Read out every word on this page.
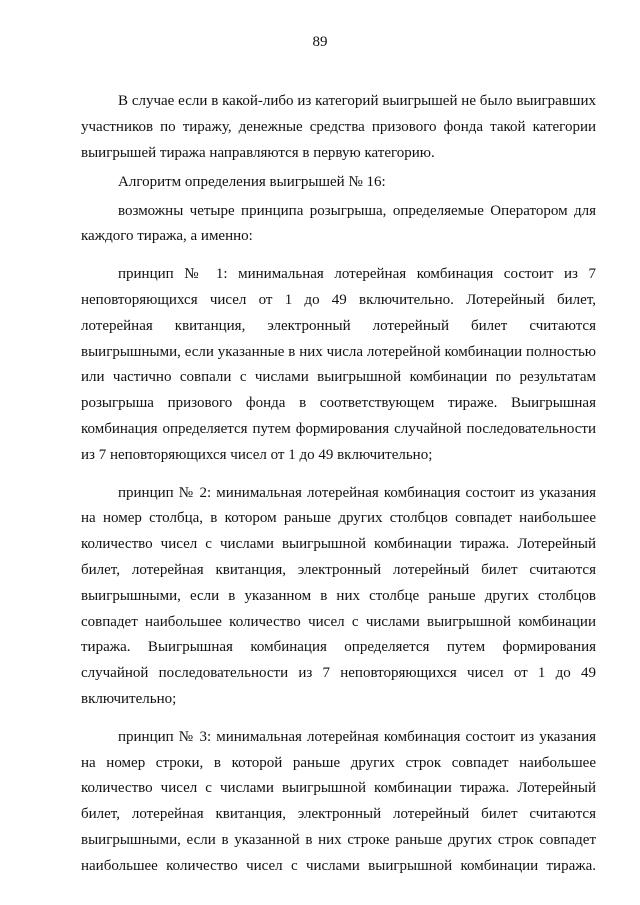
89

В случае если в какой-либо из категорий выигрышей не было выигравших участников по тиражу, денежные средства призового фонда такой категории выигрышей тиража направляются в первую категорию.

Алгоритм определения выигрышей № 16:

возможны четыре принципа розыгрыша, определяемые Оператором для каждого тиража, а именно:

принцип № 1: минимальная лотерейная комбинация состоит из 7 неповторяющихся чисел от 1 до 49 включительно. Лотерейный билет, лотерейная квитанция, электронный лотерейный билет считаются выигрышными, если указанные в них числа лотерейной комбинации полностью или частично совпали с числами выигрышной комбинации по результатам розыгрыша призового фонда в соответствующем тираже. Выигрышная комбинация определяется путем формирования случайной последовательности из 7 неповторяющихся чисел от 1 до 49 включительно;

принцип № 2: минимальная лотерейная комбинация состоит из указания на номер столбца, в котором раньше других столбцов совпадет наибольшее количество чисел с числами выигрышной комбинации тиража. Лотерейный билет, лотерейная квитанция, электронный лотерейный билет считаются выигрышными, если в указанном в них столбце раньше других столбцов совпадет наибольшее количество чисел с числами выигрышной комбинации тиража. Выигрышная комбинация определяется путем формирования случайной последовательности из 7 неповторяющихся чисел от 1 до 49 включительно;

принцип № 3: минимальная лотерейная комбинация состоит из указания на номер строки, в которой раньше других строк совпадет наибольшее количество чисел с числами выигрышной комбинации тиража. Лотерейный билет, лотерейная квитанция, электронный лотерейный билет считаются выигрышными, если в указанной в них строке раньше других строк совпадет наибольшее количество чисел с числами выигрышной комбинации тиража.
